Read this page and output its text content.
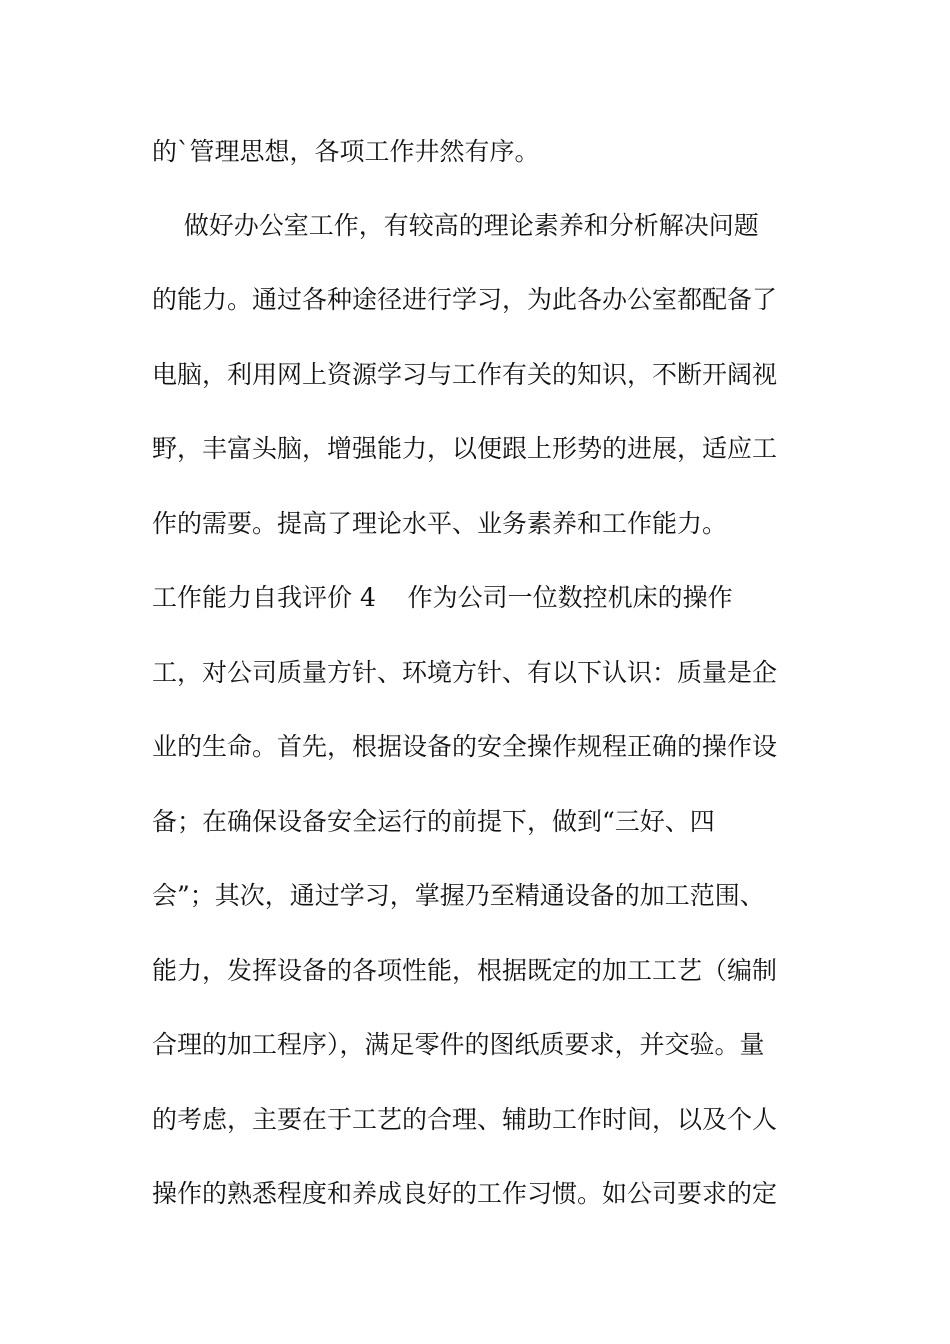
的`管理思想，各项工作井然有序。
做好办公室工作，有较高的理论素养和分析解决问题
的能力。通过各种途径进行学习，为此各办公室都配备了
电脑，利用网上资源学习与工作有关的知识，不断开阔视
野，丰富头脑，增强能力，以便跟上形势的进展，适应工
作的需要。提高了理论水平、业务素养和工作能力。
工作能力自我评价 4    作为公司一位数控机床的操作
工，对公司质量方针、环境方针、有以下认识：质量是企
业的生命。首先，根据设备的安全操作规程正确的操作设
备；在确保设备安全运行的前提下，做到“三好、四
会”；其次，通过学习，掌握乃至精通设备的加工范围、
能力，发挥设备的各项性能，根据既定的加工工艺（编制
合理的加工程序），满足零件的图纸质要求，并交验。量
的考虑，主要在于工艺的合理、辅助工作时间，以及个人
操作的熟悉程度和养成良好的工作习惯。如公司要求的定
